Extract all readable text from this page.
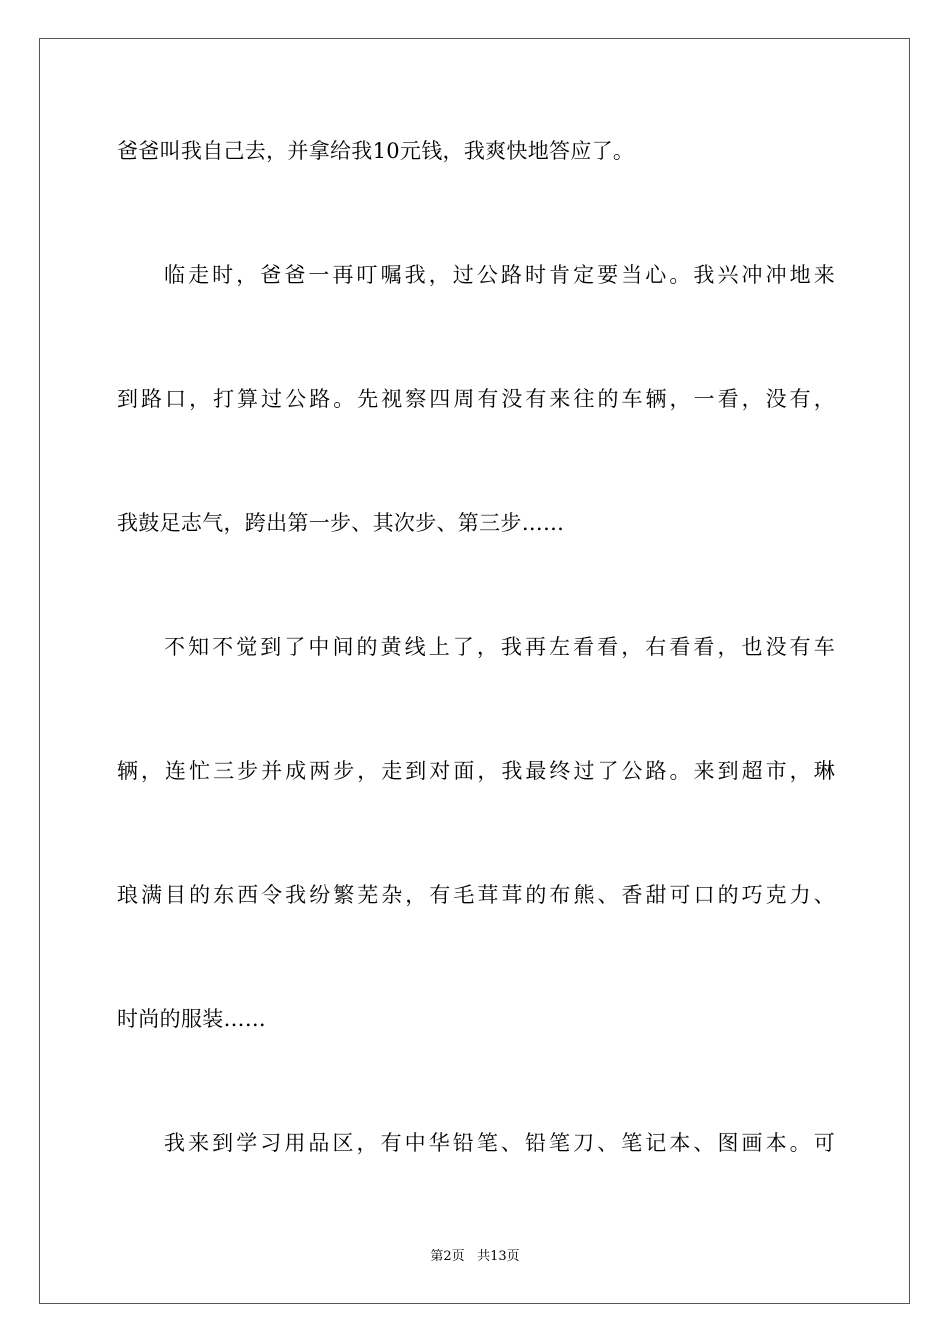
爸爸叫我自己去，并拿给我10元钱，我爽快地答应了。
临走时，爸爸一再叮嘱我，过公路时肯定要当心。我兴冲冲地来
到路口，打算过公路。先视察四周有没有来往的车辆，一看，没有，
我鼓足志气，跨出第一步、其次步、第三步……
不知不觉到了中间的黄线上了，我再左看看，右看看，也没有车
辆，连忙三步并成两步，走到对面，我最终过了公路。来到超市，琳
琅满目的东西令我纷繁芜杂，有毛茸茸的布熊、香甜可口的巧克力、
时尚的服装……
我来到学习用品区，有中华铅笔、铅笔刀、笔记本、图画本。可
第2页 共13页
